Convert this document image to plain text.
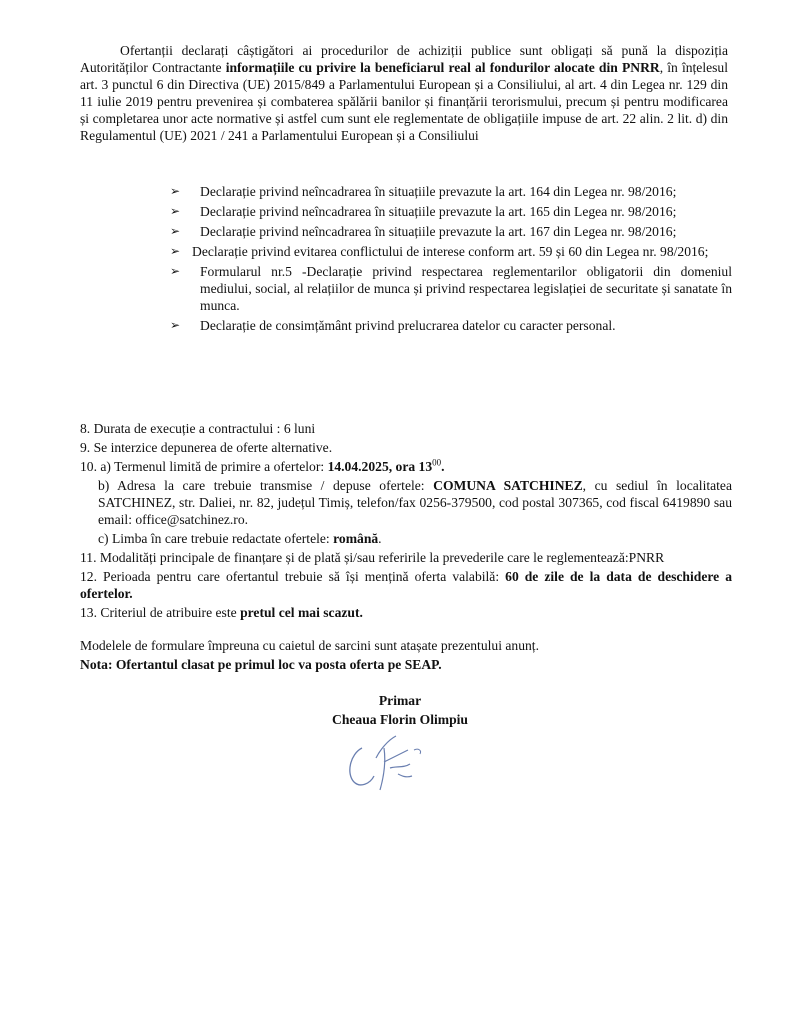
Ofertanții declarați câștigători ai procedurilor de achiziții publice sunt obligați să pună la dispoziția Autorităților Contractante informațiile cu privire la beneficiarul real al fondurilor alocate din PNRR, în înțelesul art. 3 punctul 6 din Directiva (UE) 2015/849 a Parlamentului European și a Consiliului, al art. 4 din Legea nr. 129 din 11 iulie 2019 pentru prevenirea și combaterea spălării banilor și finanțării terorismului, precum și pentru modificarea și completarea unor acte normative și astfel cum sunt ele reglementate de obligațiile impuse de art. 22 alin. 2 lit. d) din Regulamentul (UE) 2021 / 241 a Parlamentului European și a Consiliului
➢ Declarație privind neîncadrarea în situațiile prevazute la art. 164 din Legea nr. 98/2016;
➢ Declarație privind neîncadrarea în situațiile prevazute la art. 165 din Legea nr. 98/2016;
➢ Declarație privind neîncadrarea în situațiile prevazute la art. 167 din Legea nr. 98/2016;
➢ Declarație privind evitarea conflictului de interese conform art. 59 și 60 din Legea nr. 98/2016;
➢ Formularul nr.5 -Declarație privind respectarea reglementarilor obligatorii din domeniul mediului, social, al relațiilor de munca și privind respectarea legislației de securitate și sanatate în munca.
➢ Declarație de consimțământ privind prelucrarea datelor cu caracter personal.
8. Durata de execuție a contractului : 6 luni
9. Se interzice depunerea de oferte alternative.
10. a) Termenul limită de primire a ofertelor: 14.04.2025, ora $13^{00}$.
b) Adresa la care trebuie transmise / depuse ofertele: COMUNA SATCHINEZ, cu sediul în localitatea SATCHINEZ, str. Daliei, nr. 82, județul Timiș, telefon/fax 0256-379500, cod postal 307365, cod fiscal 6419890 sau email: office@satchinez.ro.
c) Limba în care trebuie redactate ofertele: română.
11. Modalități principale de finanțare și de plată și/sau referirile la prevederile care le reglementează:PNRR
12. Perioada pentru care ofertantul trebuie să își mențină oferta valabilă: 60 de zile de la data de deschidere a ofertelor.
13. Criteriul de atribuire este pretul cel mai scazut.
Modelele de formulare împreuna cu caietul de sarcini sunt atașate prezentului anunț.
Nota: Ofertantul clasat pe primul loc va posta oferta pe SEAP.
Primar
Cheaua Florin Olimpiu
